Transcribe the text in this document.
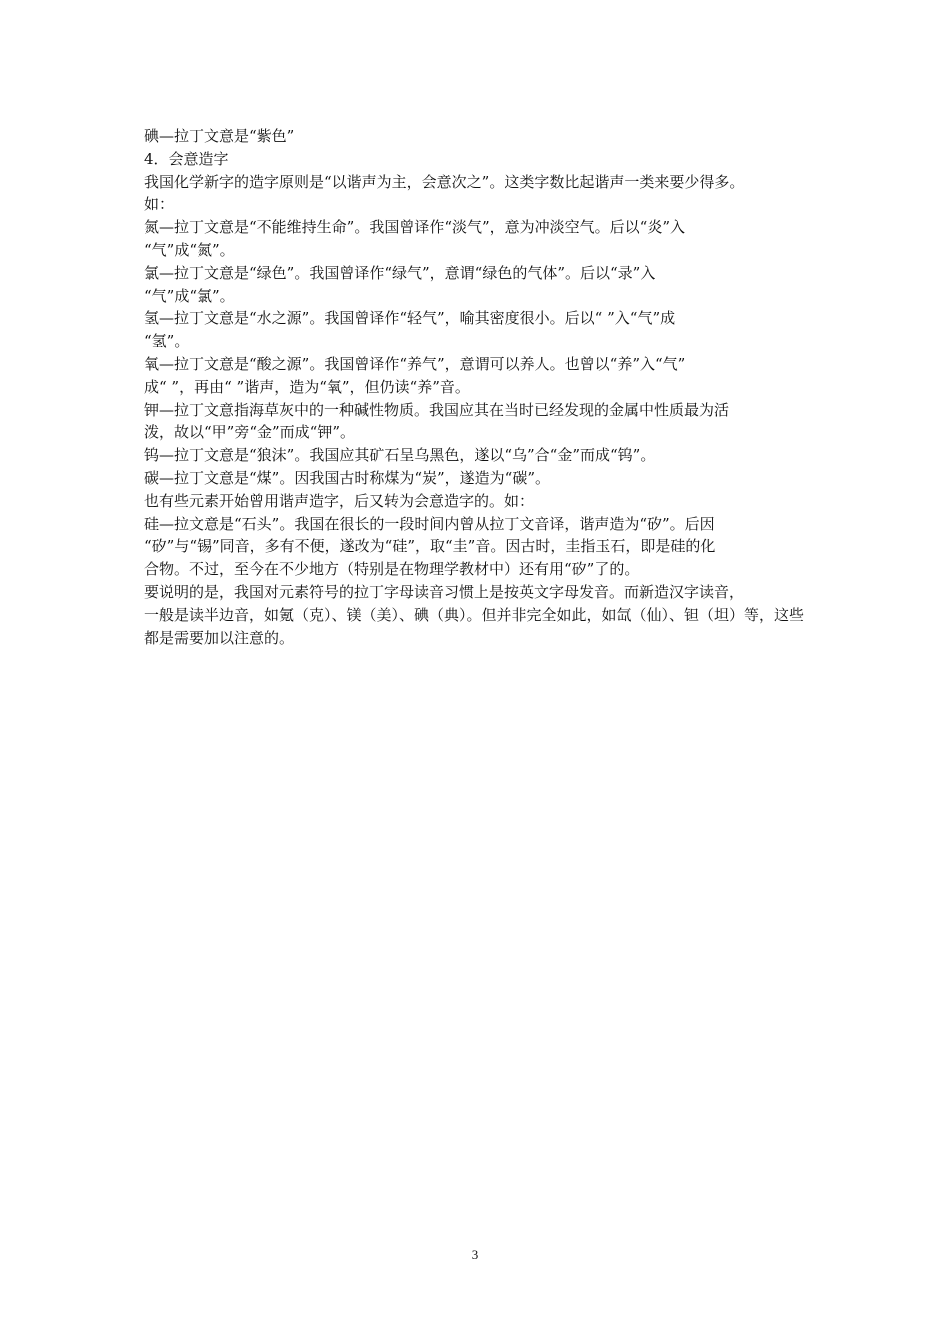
碘—拉丁文意是“紫色”
4．会意造字
我国化学新字的造字原则是“以谐声为主，会意次之”。这类字数比起谐声一类来要少得多。
如：
氮—拉丁文意是“不能维持生命”。我国曾译作“淡气”，意为冲淡空气。后以“炎”入
“气”成“氮”。
氯—拉丁文意是“绿色”。我国曾译作“绿气”，意谓“绿色的气体”。后以“录”入
“气”成“氯”。
氢—拉丁文意是“水之源”。我国曾译作“轻气”，喻其密度很小。后以“ ”入“气”成
“氢”。
氧—拉丁文意是“酸之源”。我国曾译作“养气”，意谓可以养人。也曾以“养”入“气”
成“ ”，再由“ ”谐声，造为“氧”，但仍读“养”音。
钾—拉丁文意指海草灰中的一种碱性物质。我国应其在当时已经发现的金属中性质最为活
泼，故以“甲”旁“金”而成“钾”。
钨—拉丁文意是“狼沫”。我国应其矿石呈乌黑色，遂以“乌”合“金”而成“钨”。
碳—拉丁文意是“煤”。因我国古时称煤为“炭”，遂造为“碳”。
也有些元素开始曾用谐声造字，后又转为会意造字的。如：
硅—拉文意是“石头”。我国在很长的一段时间内曾从拉丁文音译，谐声造为“矽”。后因
“矽”与“锡”同音，多有不便，遂改为“硅”，取“圭”音。因古时，圭指玉石，即是硅的化
合物。不过，至今在不少地方（特别是在物理学教材中）还有用“矽”了的。
要说明的是，我国对元素符号的拉丁字母读音习惯上是按英文字母发音。而新造汉字读音，
一般是读半边音，如氪（克）、镁（美）、碘（典）。但并非完全如此，如氙（仙）、钽（坦）等，这些
都是需要加以注意的。
3
